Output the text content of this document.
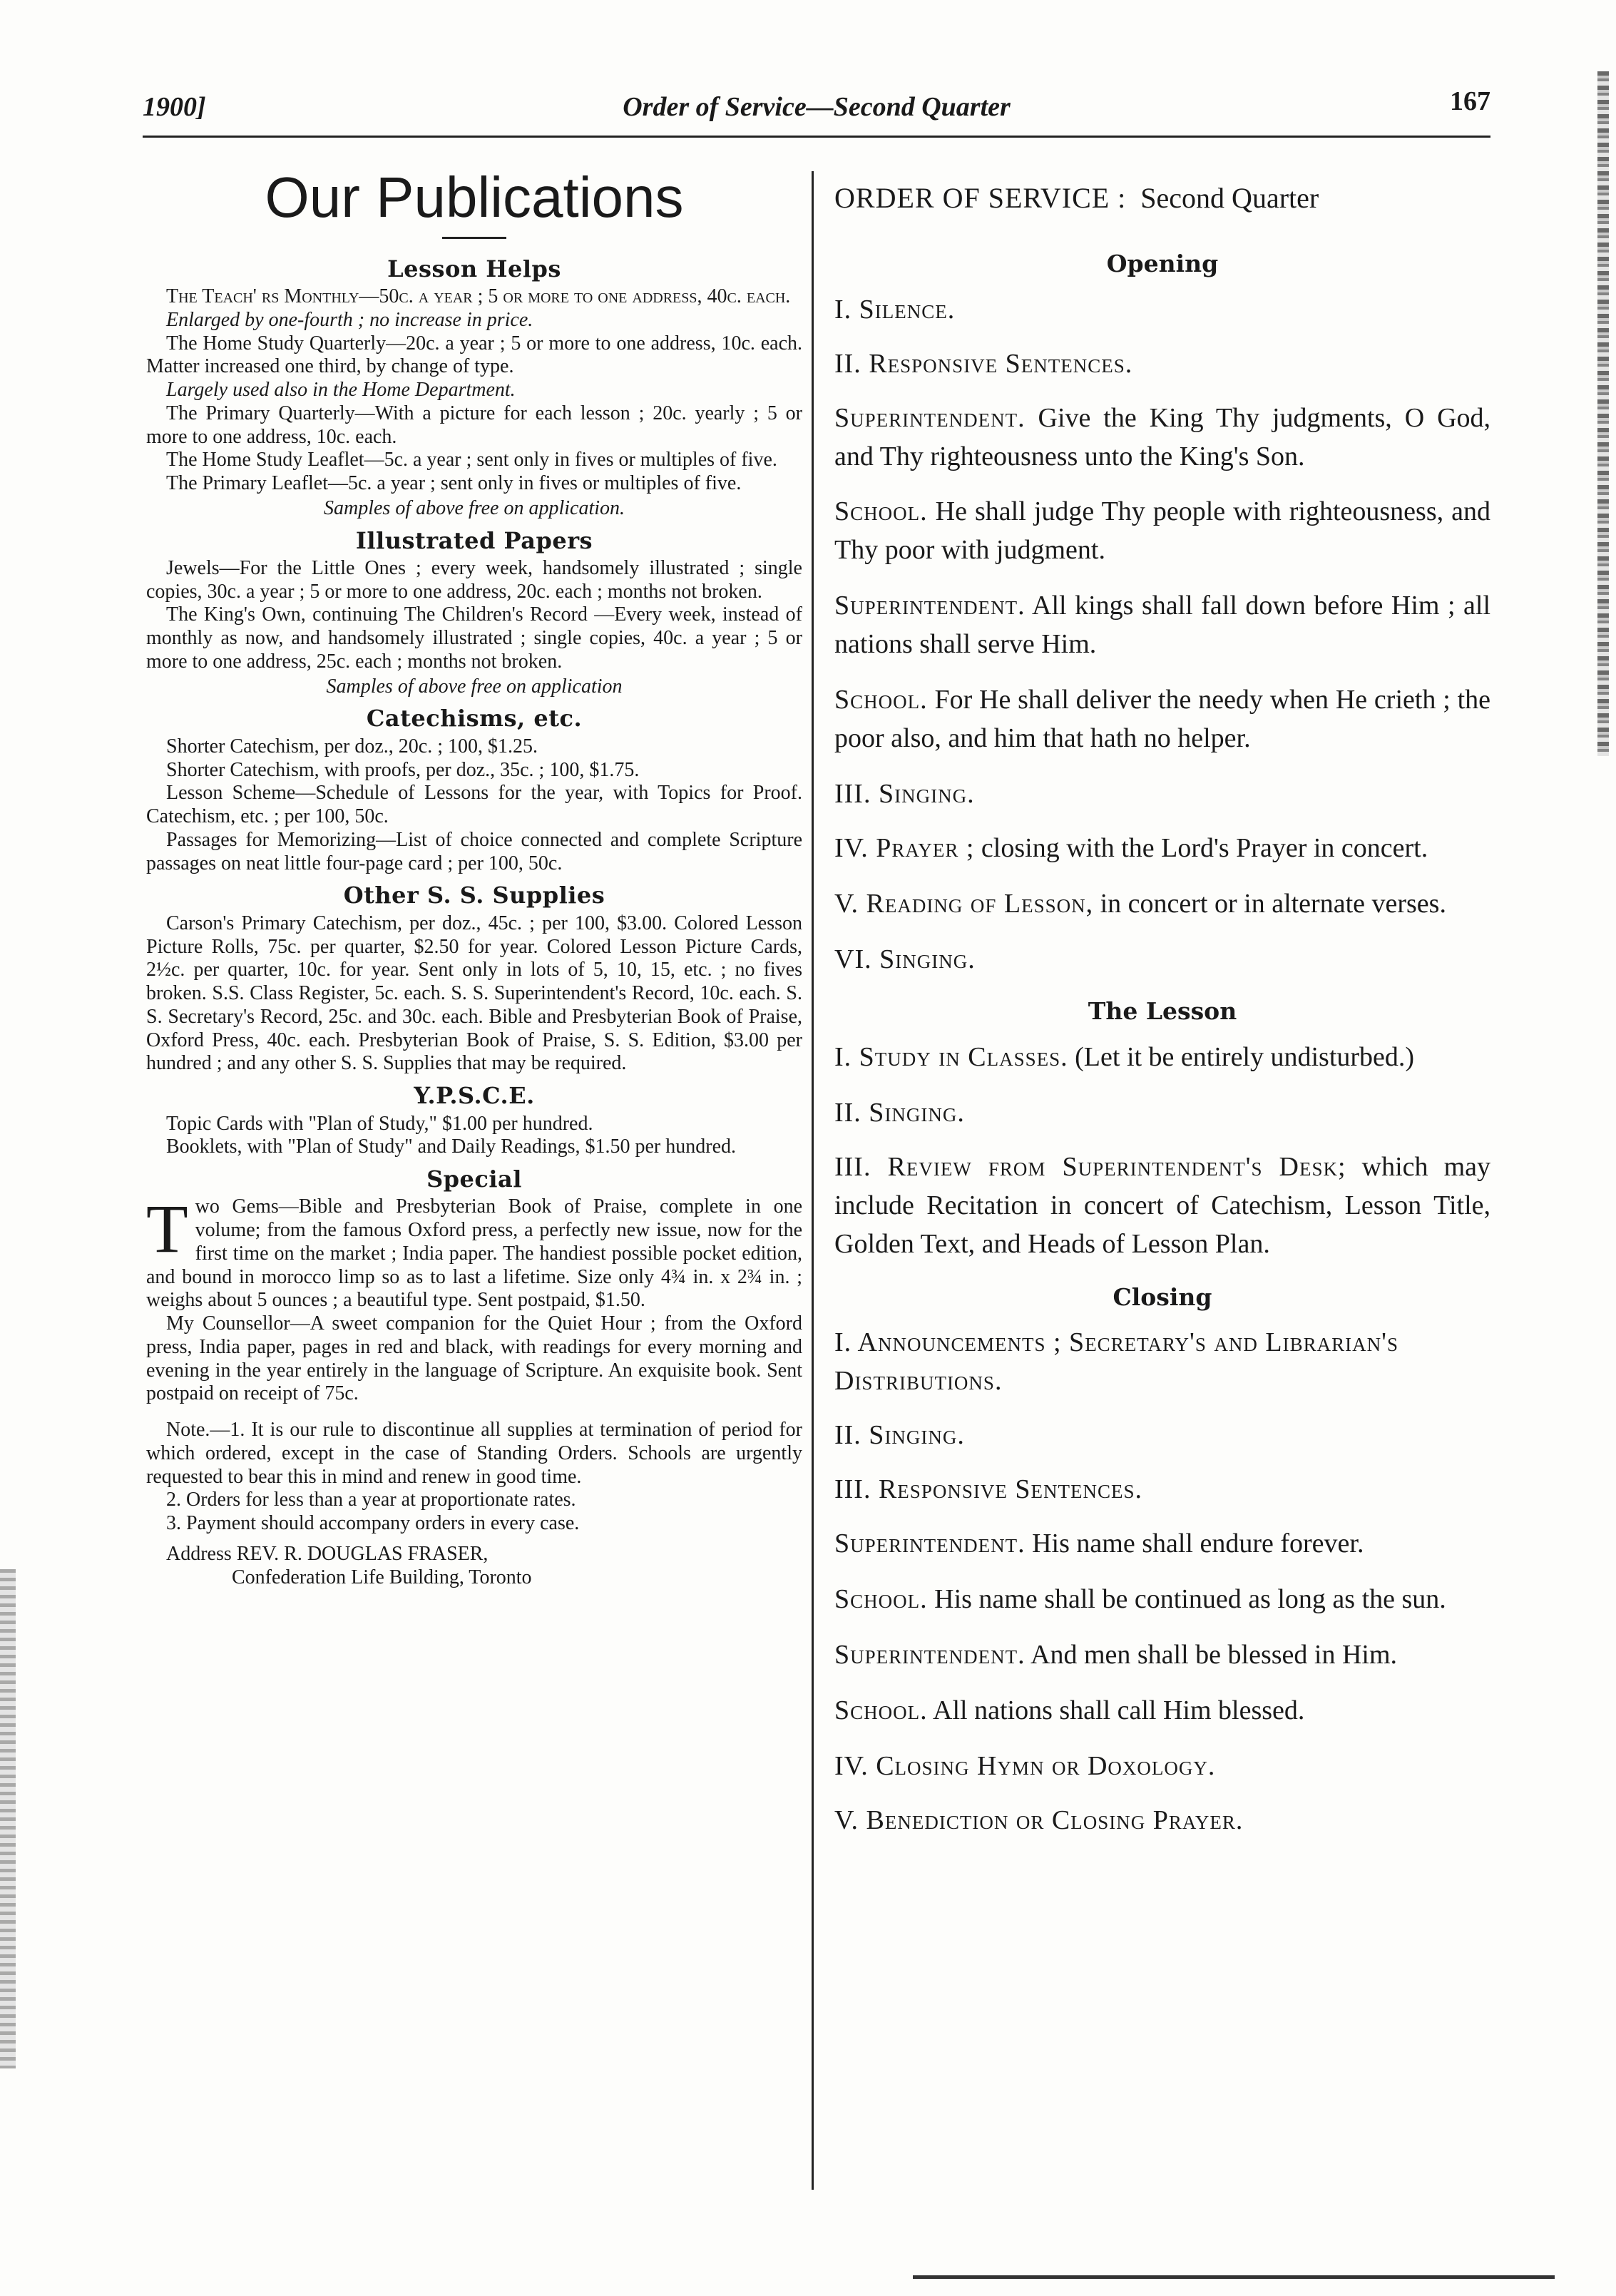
1900]	Order of Service—Second Quarter	167
Our Publications
Lesson Helps

The Teach' rs Monthly—50c. a year ; 5 or more to one address, 40c. each.

Enlarged by one-fourth ; no increase in price.

The Home Study Quarterly—20c. a year ; 5 or more to one address, 10c. each. Matter increased one third, by change of type.

Largely used also in the Home Department.

The Primary Quarterly—With a picture for each lesson ; 20c. yearly ; 5 or more to one address, 10c. each.

The Home Study Leaflet—5c. a year ; sent only in fives or multiples of five.

The Primary Leaflet—5c. a year ; sent only in fives or multiples of five.

Samples of above free on application.

Illustrated Papers

Jewels—For the Little Ones ; every week, handsomely illustrated ; single copies, 30c. a year ; 5 or more to one address, 20c. each ; months not broken.

The King's Own, continuing The Children's Record —Every week, instead of monthly as now, and handsomely illustrated ; single copies, 40c. a year ; 5 or more to one address, 25c. each ; months not broken.

Samples of above free on application

Catechisms, etc.

Shorter Catechism, per doz., 20c. ; 100, $1.25.

Shorter Catechism, with proofs, per doz., 35c. ; 100, $1.75.

Lesson Scheme—Schedule of Lessons for the year, with Topics for Proof. Catechism, etc. ; per 100, 50c.

Passages for Memorizing—List of choice connected and complete Scripture passages on neat little four-page card ; per 100, 50c.

Other S. S. Supplies

Carson's Primary Catechism, per doz., 45c. ; per 100, $3.00. Colored Lesson Picture Rolls, 75c. per quarter, $2.50 for year. Colored Lesson Picture Cards, 2½c. per quarter, 10c. for year. Sent only in lots of 5, 10, 15, etc. ; no fives broken. S.S. Class Register, 5c. each. S. S. Superintendent's Record, 10c. each. S. S. Secretary's Record, 25c. and 30c. each. Bible and Presbyterian Book of Praise, Oxford Press, 40c. each. Presbyterian Book of Praise, S. S. Edition, $3.00 per hundred ; and any other S. S. Supplies that may be required.

Y.P.S.C.E.

Topic Cards with "Plan of Study," $1.00 per hundred.

Booklets, with "Plan of Study" and Daily Readings, $1.50 per hundred.

Special

T wo Gems—Bible and Presbyterian Book of Praise, complete in one volume; from the famous Oxford press, a perfectly new issue, now for the first time on the market ; India paper. The handiest possible pocket edition, and bound in morocco limp so as to last a lifetime. Size only 4¾ in. x 2¾ in. ; weighs about 5 ounces ; a beautiful type. Sent postpaid, $1.50.

My Counsellor—A sweet companion for the Quiet Hour ; from the Oxford press, India paper, pages in red and black, with readings for every morning and evening in the year entirely in the language of Scripture. An exquisite book. Sent postpaid on receipt of 75c.

Note.—1. It is our rule to discontinue all supplies at termination of period for which ordered, except in the case of Standing Orders. Schools are urgently requested to bear this in mind and renew in good time.

2. Orders for less than a year at proportionate rates.

3. Payment should accompany orders in every case.

Address REV. R. DOUGLAS FRASER,
Confederation Life Building, Toronto
ORDER OF SERVICE : Second Quarter
Opening
I. Silence.
II. Responsive Sentences.
Superintendent. Give the King Thy judgments, O God, and Thy righteousness unto the King's Son.
School. He shall judge Thy people with righteousness, and Thy poor with judgment.
Superintendent. All kings shall fall down before Him ; all nations shall serve Him.
School. For He shall deliver the needy when He crieth ; the poor also, and him that hath no helper.
III. Singing.
IV. Prayer ; closing with the Lord's Prayer in concert.
V. Reading of Lesson, in concert or in alternate verses.
VI. Singing.
The Lesson
I. Study in Classes. (Let it be entirely undisturbed.)
II. Singing.
III. Review from Superintendent's Desk; which may include Recitation in concert of Catechism, Lesson Title, Golden Text, and Heads of Lesson Plan.
Closing
I. Announcements ; Secretary's and Librarian's Distributions.
II. Singing.
III. Responsive Sentences.
Superintendent. His name shall endure forever.
School. His name shall be continued as long as the sun.
Superintendent. And men shall be blessed in Him.
School. All nations shall call Him blessed.
IV. Closing Hymn or Doxology.
V. Benediction or Closing Prayer.
